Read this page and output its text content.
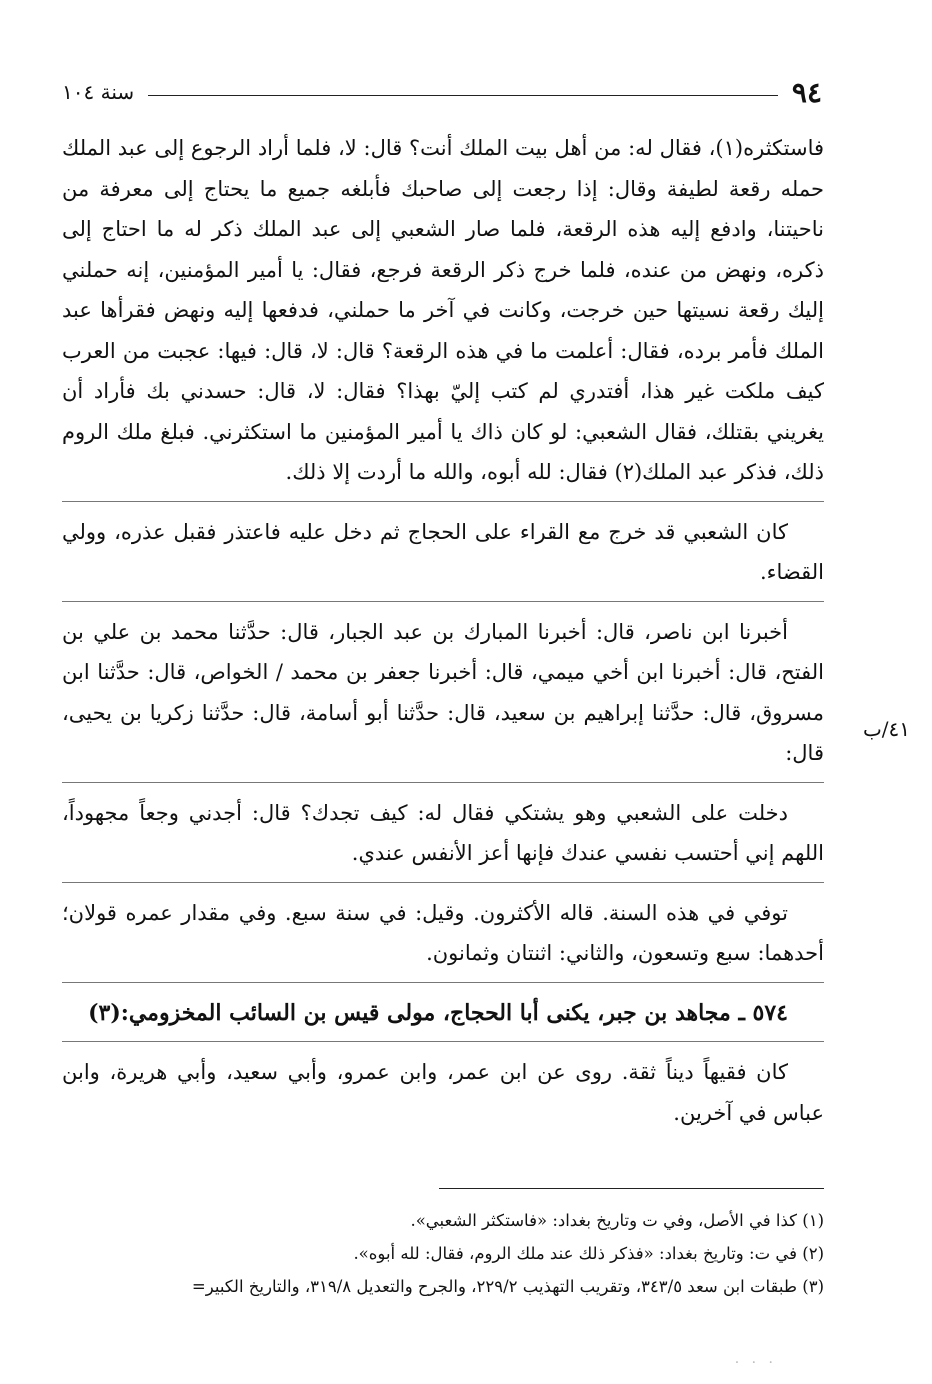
٩٤
سنة ١٠٤
٤١/ب

فاستكثره(١)، فقال له: من أهل بيت الملك أنت؟ قال: لا، فلما أراد الرجوع إلى عبد الملك حمله رقعة لطيفة وقال: إذا رجعت إلى صاحبك فأبلغه جميع ما يحتاج إلى معرفة من ناحيتنا، وادفع إليه هذه الرقعة، فلما صار الشعبي إلى عبد الملك ذكر له ما احتاج إلى ذكره، ونهض من عنده، فلما خرج ذكر الرقعة فرجع، فقال: يا أمير المؤمنين، إنه حملني إليك رقعة نسيتها حين خرجت، وكانت في آخر ما حملني، فدفعها إليه ونهض فقرأها عبد الملك فأمر برده، فقال: أعلمت ما في هذه الرقعة؟ قال: لا، قال: فيها: عجبت من العرب كيف ملكت غير هذا، أفتدري لم كتب إليّ بهذا؟ فقال: لا، قال: حسدني بك فأراد أن يغريني بقتلك، فقال الشعبي: لو كان ذاك يا أمير المؤمنين ما استكثرني. فبلغ ملك الروم ذلك، فذكر عبد الملك(٢) فقال: لله أبوه، والله ما أردت إلا ذلك.

كان الشعبي قد خرج مع القراء على الحجاج ثم دخل عليه فاعتذر فقبل عذره، وولي القضاء.

أخبرنا ابن ناصر، قال: أخبرنا المبارك بن عبد الجبار، قال: حدَّثنا محمد بن علي بن الفتح، قال: أخبرنا ابن أخي ميمي، قال: أخبرنا جعفر بن محمد / الخواص، قال: حدَّثنا ابن مسروق، قال: حدَّثنا إبراهيم بن سعيد، قال: حدَّثنا أبو أسامة، قال: حدَّثنا زكريا بن يحيى، قال:

دخلت على الشعبي وهو يشتكي فقال له: كيف تجدك؟ قال: أجدني وجعاً مجهوداً، اللهم إني أحتسب نفسي عندك فإنها أعز الأنفس عندي.

توفي في هذه السنة. قاله الأكثرون. وقيل: في سنة سبع. وفي مقدار عمره قولان؛ أحدهما: سبع وتسعون، والثاني: اثنتان وثمانون.

٥٧٤ ـ مجاهد بن جبر، يكنى أبا الحجاج، مولى قيس بن السائب المخزومي:(٣)

كان فقيهاً ديناً ثقة. روى عن ابن عمر، وابن عمرو، وأبي سعيد، وأبي هريرة، وابن عباس في آخرين.

(١) كذا في الأصل، وفي ت وتاريخ بغداد: «فاستكثر الشعبي».

(٢) في ت: وتاريخ بغداد: «فذكر ذلك عند ملك الروم، فقال: لله أبوه».

(٣) طبقات ابن سعد ٣٤٣/٥، وتقريب التهذيب ٢٢٩/٢، والجرح والتعديل ٣١٩/٨، والتاريخ الكبير=

· · ·
